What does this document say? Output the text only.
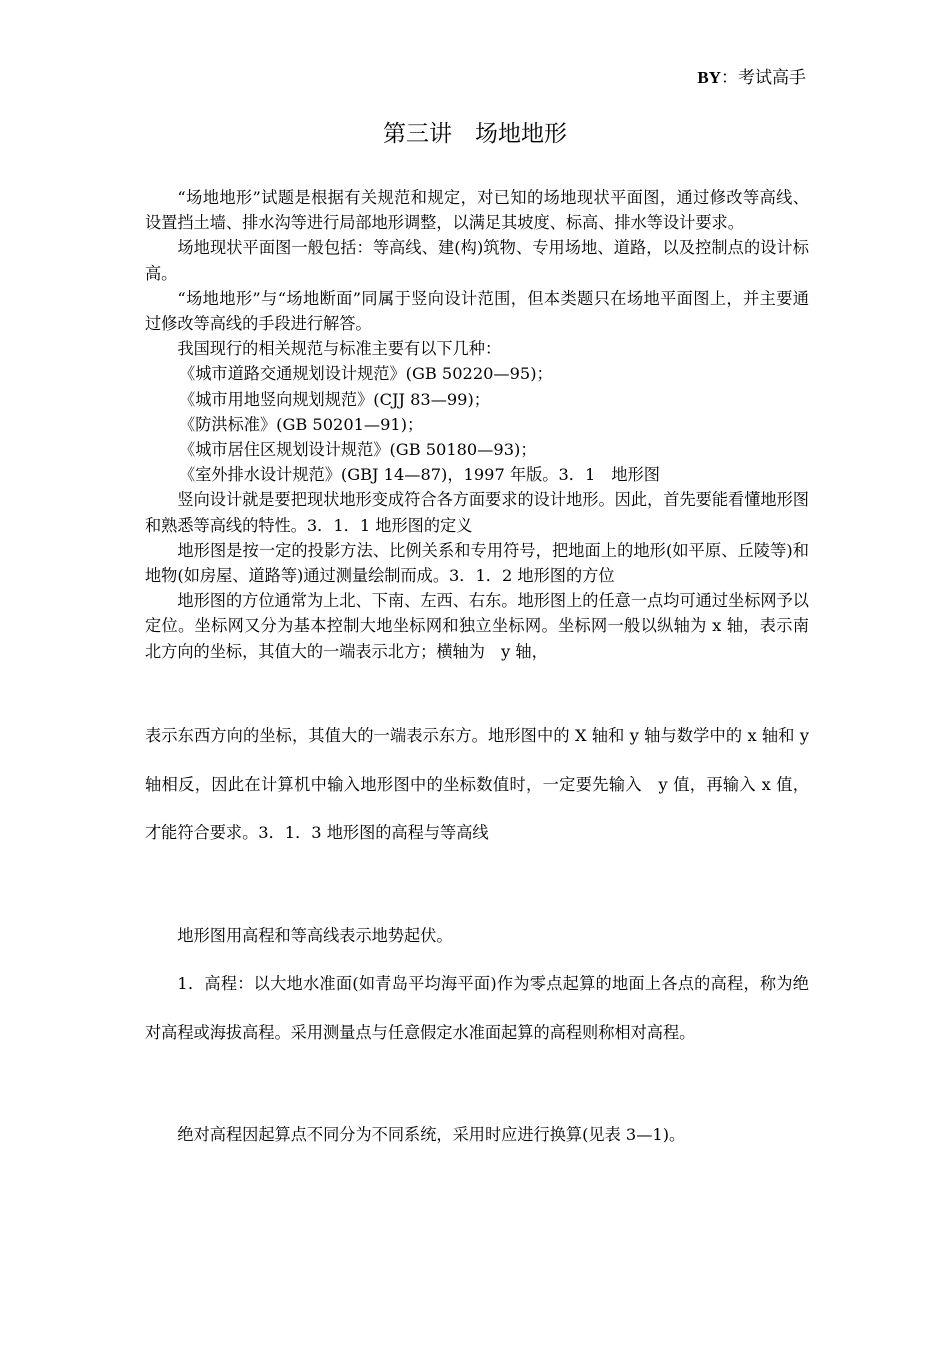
BY：考试高手
第三讲　场地地形

“场地地形”试题是根据有关规范和规定，对已知的场地现状平面图，通过修改等高线、设置挡土墙、排水沟等进行局部地形调整，以满足其坡度、标高、排水等设计要求。

场地现状平面图一般包括：等高线、建(构)筑物、专用场地、道路，以及控制点的设计标高。

“场地地形”与“场地断面”同属于竖向设计范围，但本类题只在场地平面图上，并主要通过修改等高线的手段进行解答。

我国现行的相关规范与标准主要有以下几种：

《城市道路交通规划设计规范》(GB 50220—95)；

《城市用地竖向规划规范》(CJJ 83—99)；

《防洪标准》(GB 50201—91)；

《城市居住区规划设计规范》(GB 50180—93)；

《室外排水设计规范》(GBJ 14—87)，1997 年版。3．1　地形图

竖向设计就是要把现状地形变成符合各方面要求的设计地形。因此，首先要能看懂地形图和熟悉等高线的特性。3．1．1 地形图的定义

地形图是按一定的投影方法、比例关系和专用符号，把地面上的地形(如平原、丘陵等)和地物(如房屋、道路等)通过测量绘制而成。3．1．2 地形图的方位

地形图的方位通常为上北、下南、左西、右东。地形图上的任意一点均可通过坐标网予以定位。坐标网又分为基本控制大地坐标网和独立坐标网。坐标网一般以纵轴为 x 轴，表示南北方向的坐标，其值大的一端表示北方；横轴为　y 轴，

表示东西方向的坐标，其值大的一端表示东方。地形图中的 X 轴和 y 轴与数学中的 x 轴和 y 轴相反，因此在计算机中输入地形图中的坐标数值时，一定要先输入　y 值，再输入 x 值，才能符合要求。3．1．3 地形图的高程与等高线

地形图用高程和等高线表示地势起伏。
1．高程：以大地水准面(如青岛平均海平面)作为零点起算的地面上各点的高程，称为绝对高程或海拔高程。采用测量点与任意假定水准面起算的高程则称相对高程。
绝对高程因起算点不同分为不同系统，采用时应进行换算(见表 3—1)。
